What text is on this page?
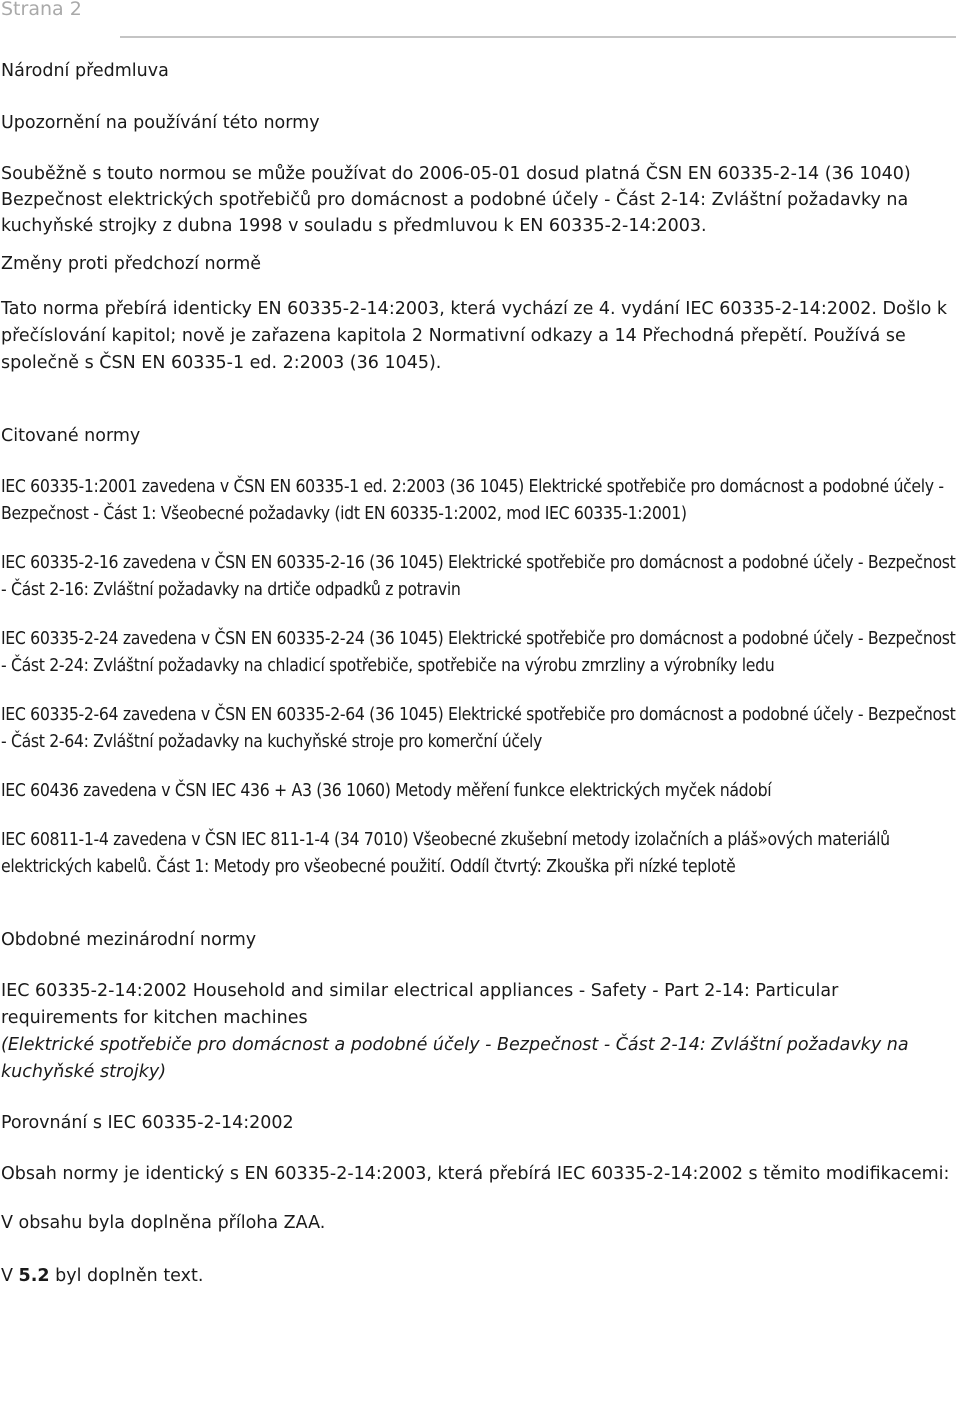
Strana 2

Národní předmluva

Upozornění na používání této normy

Souběžně s touto normou se může používat do 2006-05-01 dosud platná ČSN EN 60335-2-14 (36 1040) Bezpečnost elektrických spotřebičů pro domácnost a podobné účely - Část 2-14: Zvláštní požadavky na kuchyňské strojky z dubna 1998 v souladu s předmluvou k EN 60335-2-14:2003.

Změny proti předchozí normě

Tato norma přebírá identicky EN 60335-2-14:2003, která vychází ze 4. vydání IEC 60335-2-14:2002. Došlo k přečíslování kapitol; nově je zařazena kapitola 2 Normativní odkazy a 14 Přechodná přepětí. Používá se společně s ČSN EN 60335-1 ed. 2:2003 (36 1045).

Citované normy

IEC 60335-1:2001 zavedena v ČSN EN 60335-1 ed. 2:2003 (36 1045) Elektrické spotřebiče pro domácnost a podobné účely - Bezpečnost - Část 1: Všeobecné požadavky (idt EN 60335-1:2002, mod IEC 60335-1:2001)

IEC 60335-2-16 zavedena v ČSN EN 60335-2-16 (36 1045) Elektrické spotřebiče pro domácnost a podobné účely - Bezpečnost - Část 2-16: Zvláštní požadavky na drtiče odpadků z potravin

IEC 60335-2-24 zavedena v ČSN EN 60335-2-24 (36 1045) Elektrické spotřebiče pro domácnost a podobné účely - Bezpečnost - Část 2-24: Zvláštní požadavky na chladicí spotřebiče, spotřebiče na výrobu zmrzliny a výrobníky ledu

IEC 60335-2-64 zavedena v ČSN EN 60335-2-64 (36 1045) Elektrické spotřebiče pro domácnost a podobné účely - Bezpečnost - Část 2-64: Zvláštní požadavky na kuchyňské stroje pro komerční účely

IEC 60436 zavedena v ČSN IEC 436 + A3 (36 1060) Metody měření funkce elektrických myček nádobí

IEC 60811-1-4 zavedena v ČSN IEC 811-1-4 (34 7010) Všeobecné zkušební metody izolačních a pláš»ových materiálů elektrických kabelů. Část 1: Metody pro všeobecné použití. Oddíl čtvrtý: Zkouška při nízké teplotě

Obdobné mezinárodní normy

IEC 60335-2-14:2002 Household and similar electrical appliances - Safety - Part 2-14: Particular requirements for kitchen machines

(Elektrické spotřebiče pro domácnost a podobné účely - Bezpečnost - Část 2-14: Zvláštní požadavky na kuchyňské strojky)

Porovnání s IEC 60335-2-14:2002

Obsah normy je identický s EN 60335-2-14:2003, která přebírá IEC 60335-2-14:2002 s těmito modifikacemi:

V obsahu byla doplněna příloha ZAA.

V 5.2 byl doplněn text.
